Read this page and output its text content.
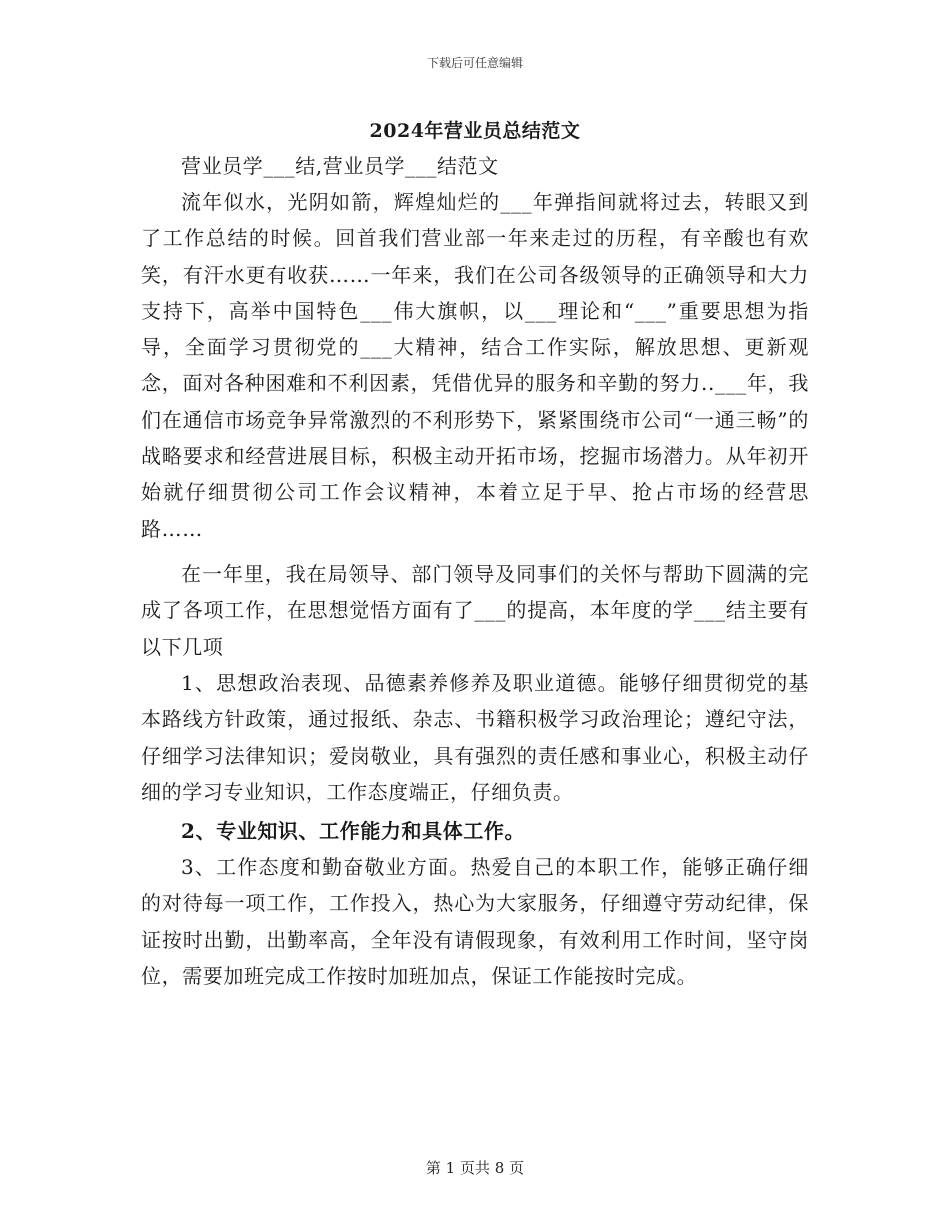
下载后可任意编辑
2024年营业员总结范文

营业员学___结,营业员学___结范文

流年似水，光阴如箭，辉煌灿烂的___年弹指间就将过去，转眼又到了工作总结的时候。回首我们营业部一年来走过的历程，有辛酸也有欢笑，有汗水更有收获……一年来，我们在公司各级领导的正确领导和大力支持下，高举中国特色___伟大旗帜，以___理论和“___”重要思想为指导，全面学习贯彻党的___大精神，结合工作实际，解放思想、更新观念，面对各种困难和不利因素，凭借优异的服务和辛勤的努力..___年，我们在通信市场竞争异常激烈的不利形势下，紧紧围绕市公司“一通三畅”的战略要求和经营进展目标，积极主动开拓市场，挖掘市场潜力。从年初开始就仔细贯彻公司工作会议精神，本着立足于早、抢占市场的经营思路……

在一年里，我在局领导、部门领导及同事们的关怀与帮助下圆满的完成了各项工作，在思想觉悟方面有了___的提高，本年度的学___结主要有以下几项

1、思想政治表现、品德素养修养及职业道德。能够仔细贯彻党的基本路线方针政策，通过报纸、杂志、书籍积极学习政治理论；遵纪守法，仔细学习法律知识；爱岗敬业，具有强烈的责任感和事业心，积极主动仔细的学习专业知识，工作态度端正，仔细负责。

2、专业知识、工作能力和具体工作。

3、工作态度和勤奋敬业方面。热爱自己的本职工作，能够正确仔细的对待每一项工作，工作投入，热心为大家服务，仔细遵守劳动纪律，保证按时出勤，出勤率高，全年没有请假现象，有效利用工作时间，坚守岗位，需要加班完成工作按时加班加点，保证工作能按时完成。

第 1 页共 8 页
